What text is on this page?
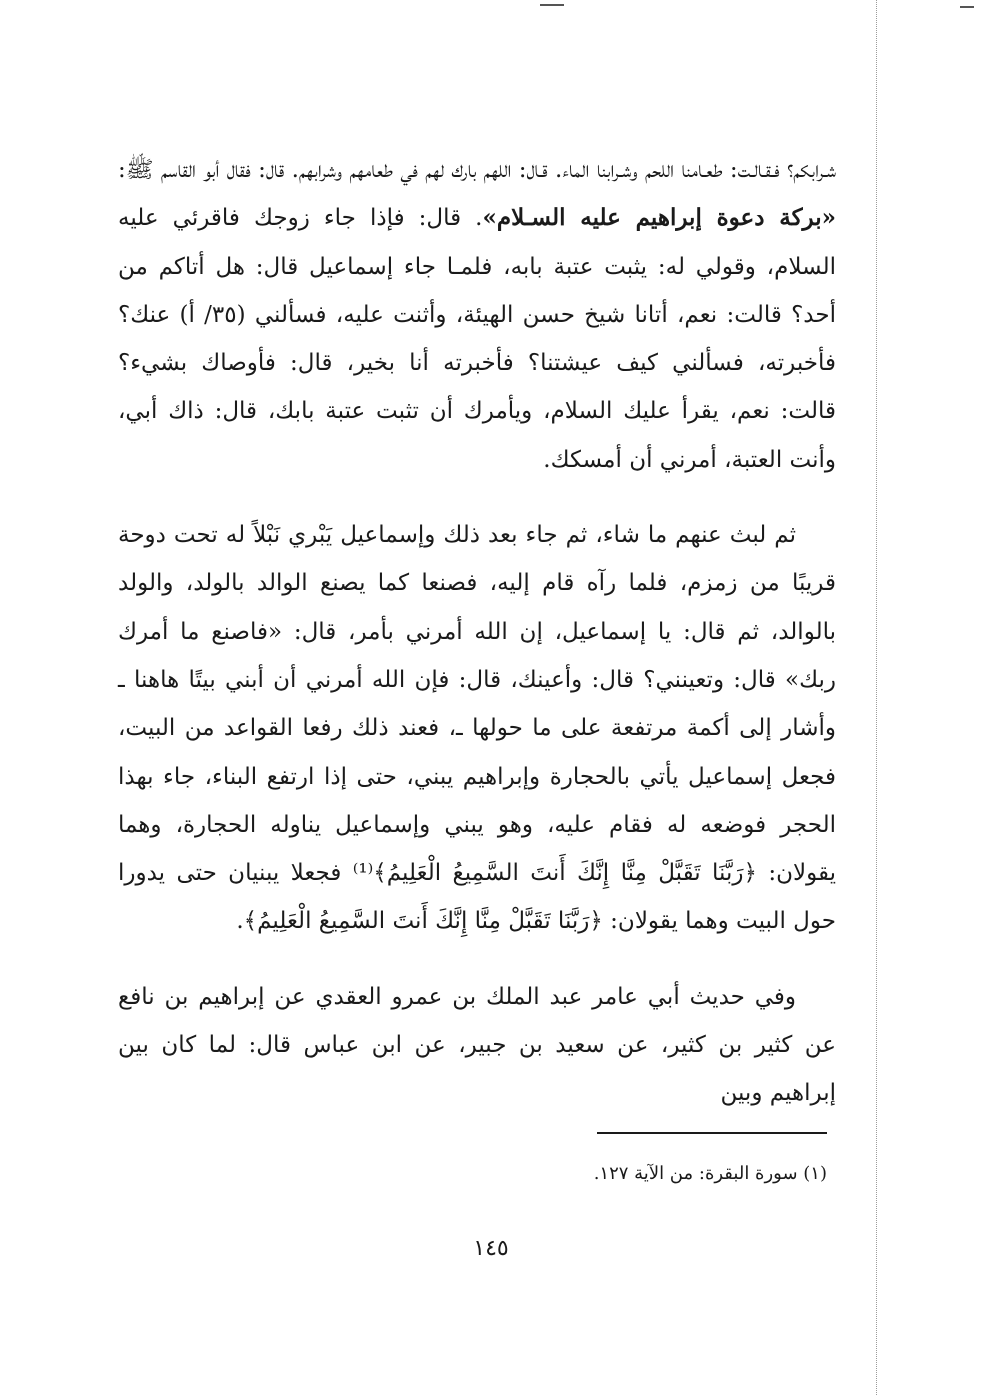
شـرابكم؟ فـقـالـت: طعـامنا اللحم وشـرابنا الماء. قـال: اللهم بارك لهم في طعامهم وشرابهم. قال: فقال أبو القاسم ﷺ: «بركة دعوة إبراهيم عليه السـلام». قال: فإذا جاء زوجك فاقرئي عليه السلام، وقولي له: يثبت عتبة بابه، فلمـا جاء إسماعيل قال: هل أتاكم من أحد؟ قالت: نعم، أتانا شيخ حسن الهيئة، وأثنت عليه، فسألني (٣٥/ أ) عنك؟ فأخبرته، فسألني كيف عيشتنا؟ فأخبرته أنا بخير، قال: فأوصاك بشيء؟ قالت: نعم، يقرأ عليك السلام، ويأمرك أن تثبت عتبة بابك، قال: ذاك أبي، وأنت العتبة، أمرني أن أمسكك.

ثم لبث عنهم ما شاء، ثم جاء بعد ذلك وإسماعيل يَبْري نَبْلاً له تحت دوحة قريبًا من زمزم، فلما رآه قام إليه، فصنعا كما يصنع الوالد بالولد، والولد بالوالد، ثم قال: يا إسماعيل، إن الله أمرني بأمر، قال: «فاصنع ما أمرك ربك» قال: وتعينني؟ قال: وأعينك، قال: فإن الله أمرني أن أبني بيتًا هاهنا ـ وأشار إلى أكمة مرتفعة على ما حولها ـ، فعند ذلك رفعا القواعد من البيت، فجعل إسماعيل يأتي بالحجارة وإبراهيم يبني، حتى إذا ارتفع البناء، جاء بهذا الحجر فوضعه له فقام عليه، وهو يبني وإسماعيل يناوله الحجارة، وهما يقولان: ﴿رَبَّنَا تَقَبَّلْ مِنَّا إِنَّكَ أَنتَ السَّمِيعُ الْعَلِيمُ﴾⁽¹⁾ فجعلا يبنيان حتى يدورا حول البيت وهما يقولان: ﴿رَبَّنَا تَقَبَّلْ مِنَّا إِنَّكَ أَنتَ السَّمِيعُ الْعَلِيمُ﴾.

وفي حديث أبي عامر عبد الملك بن عمرو العقدي عن إبراهيم بن نافع عن كثير بن كثير، عن سعيد بن جبير، عن ابن عباس قال: لما كان بين إبراهيم وبين

(١) سورة البقرة: من الآية ١٢٧.
١٤٥
